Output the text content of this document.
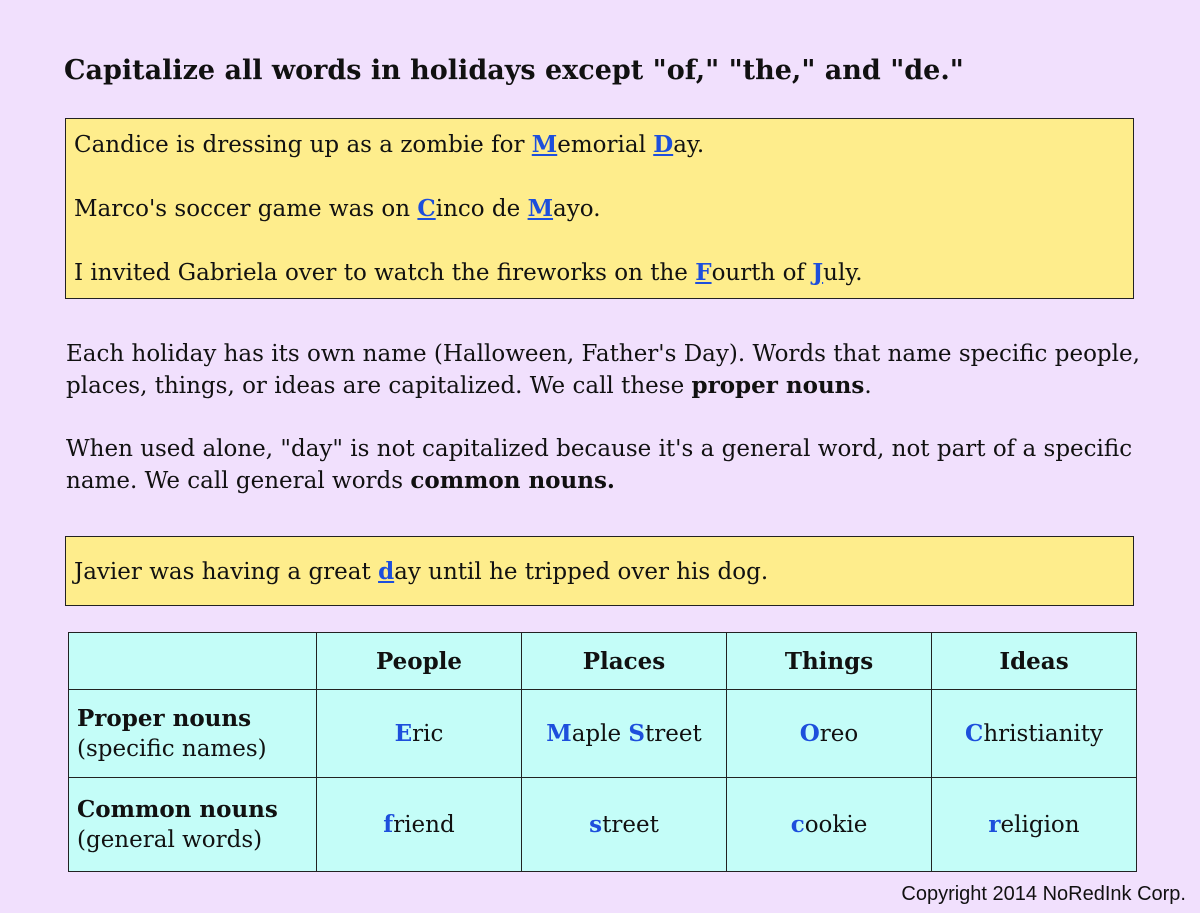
Capitalize all words in holidays except "of," "the," and "de."

Candice is dressing up as a zombie for Memorial Day.

Marco's soccer game was on Cinco de Mayo.

I invited Gabriela over to watch the fireworks on the Fourth of July.

Each holiday has its own name (Halloween, Father's Day). Words that name specific people, places, things, or ideas are capitalized. We call these proper nouns.
When used alone, "day" is not capitalized because it's a general word, not part of a specific name. We call general words common nouns.
Javier was having a great day until he tripped over his dog.
	People	Places	Things	Ideas
Proper nouns
(specific names)	Eric	Maple Street	Oreo	Christianity
Common nouns
(general words)	friend	street	cookie	religion
Copyright 2014 NoRedInk Corp.
